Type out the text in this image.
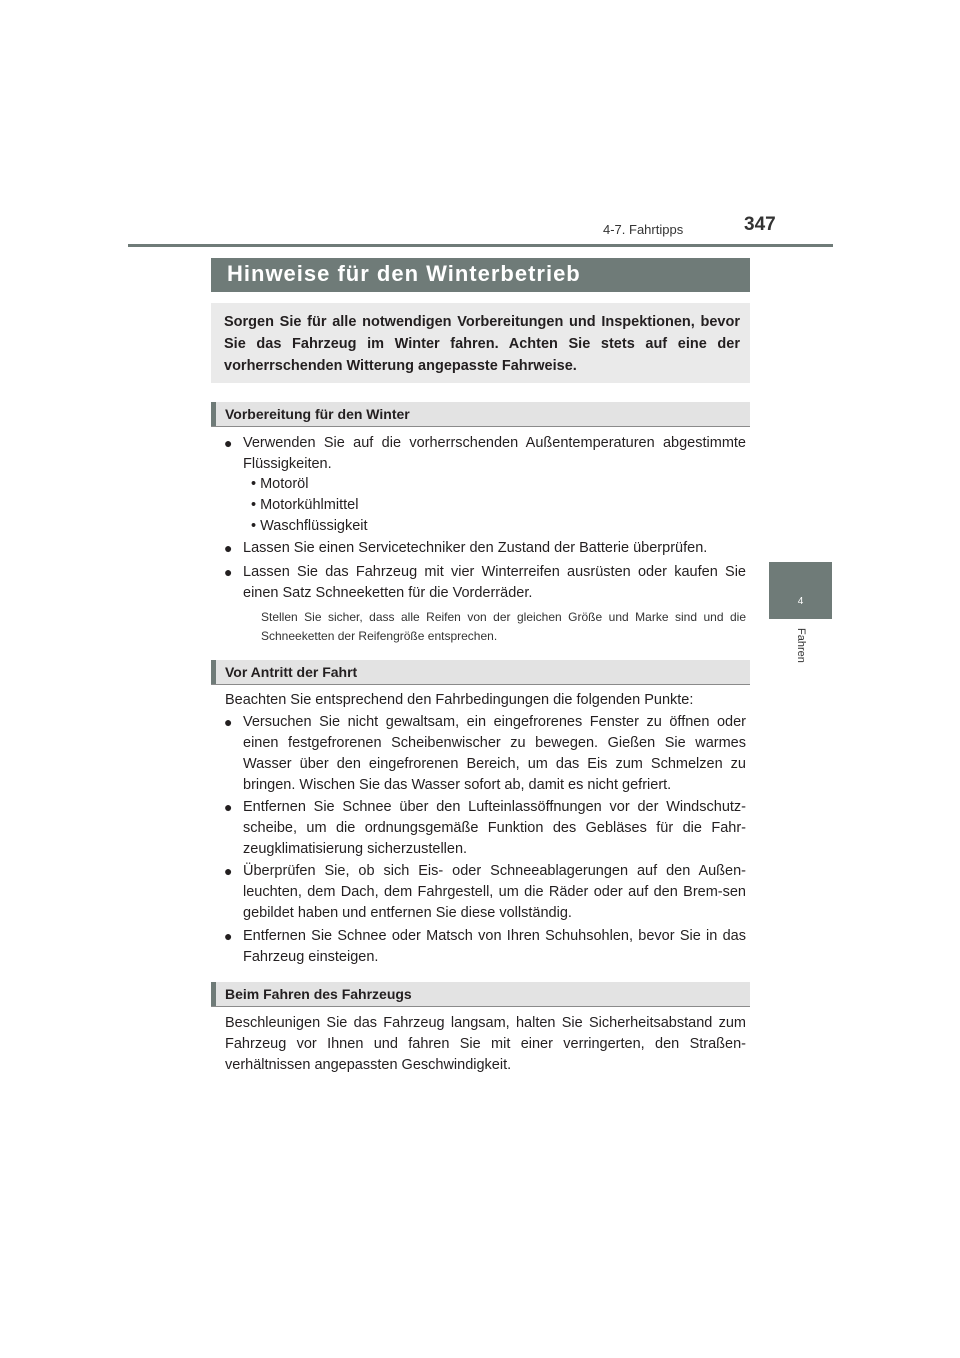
4-7. Fahrtipps	347
4
Fahren
Hinweise für den Winterbetrieb
Sorgen Sie für alle notwendigen Vorbereitungen und Inspektionen, bevor Sie das Fahrzeug im Winter fahren. Achten Sie stets auf eine der vorherrschenden Witterung angepasste Fahrweise.
Vorbereitung für den Winter
● Verwenden Sie auf die vorherrschenden Außentemperaturen abgestimmte Flüssigkeiten.
• Motoröl
• Motorkühlmittel
• Waschflüssigkeit
● Lassen Sie einen Servicetechniker den Zustand der Batterie überprüfen.
● Lassen Sie das Fahrzeug mit vier Winterreifen ausrüsten oder kaufen Sie einen Satz Schneeketten für die Vorderräder.
Stellen Sie sicher, dass alle Reifen von der gleichen Größe und Marke sind und die Schneeketten der Reifengröße entsprechen.
Vor Antritt der Fahrt
Beachten Sie entsprechend den Fahrbedingungen die folgenden Punkte:
● Versuchen Sie nicht gewaltsam, ein eingefrorenes Fenster zu öffnen oder einen festgefrorenen Scheibenwischer zu bewegen. Gießen Sie warmes Wasser über den eingefrorenen Bereich, um das Eis zum Schmelzen zu bringen. Wischen Sie das Wasser sofort ab, damit es nicht gefriert.
● Entfernen Sie Schnee über den Lufteinlassöffnungen vor der Windschutz-scheibe, um die ordnungsgemäße Funktion des Gebläses für die Fahr-zeugklimatisierung sicherzustellen.
● Überprüfen Sie, ob sich Eis- oder Schneeablagerungen auf den Außen-leuchten, dem Dach, dem Fahrgestell, um die Räder oder auf den Brem-sen gebildet haben und entfernen Sie diese vollständig.
● Entfernen Sie Schnee oder Matsch von Ihren Schuhsohlen, bevor Sie in das Fahrzeug einsteigen.
Beim Fahren des Fahrzeugs
Beschleunigen Sie das Fahrzeug langsam, halten Sie Sicherheitsabstand zum Fahrzeug vor Ihnen und fahren Sie mit einer verringerten, den Straßen-verhältnissen angepassten Geschwindigkeit.
